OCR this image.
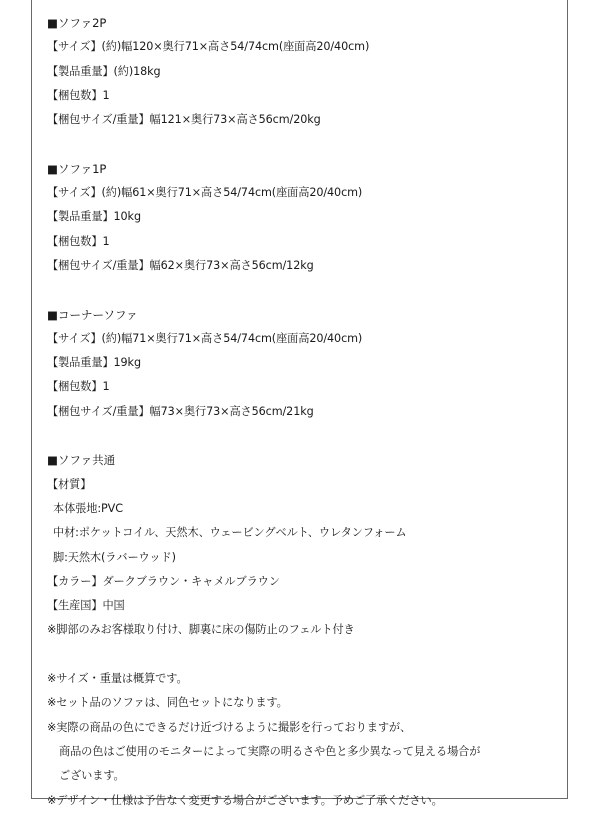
■ソファ2P
【サイズ】(約)幅120×奥行71×高さ54/74cm(座面高20/40cm)
【製品重量】(約)18kg
【梱包数】1
【梱包サイズ/重量】幅121×奥行73×高さ56cm/20kg
■ソファ1P
【サイズ】(約)幅61×奥行71×高さ54/74cm(座面高20/40cm)
【製品重量】10kg
【梱包数】1
【梱包サイズ/重量】幅62×奥行73×高さ56cm/12kg
■コーナーソファ
【サイズ】(約)幅71×奥行71×高さ54/74cm(座面高20/40cm)
【製品重量】19kg
【梱包数】1
【梱包サイズ/重量】幅73×奥行73×高さ56cm/21kg
■ソファ共通
【材質】
本体張地:PVC
中材:ポケットコイル、天然木、ウェービングベルト、ウレタンフォーム
脚:天然木(ラバーウッド)
【カラー】ダークブラウン・キャメルブラウン
【生産国】中国
※脚部のみお客様取り付け、脚裏に床の傷防止のフェルト付き
※サイズ・重量は概算です。
※セット品のソファは、同色セットになります。
※実際の商品の色にできるだけ近づけるように撮影を行っておりますが、
商品の色はご使用のモニターによって実際の明るさや色と多少異なって見える場合が
ございます。
※デザイン・仕様は予告なく変更する場合がございます。予めご了承ください。
